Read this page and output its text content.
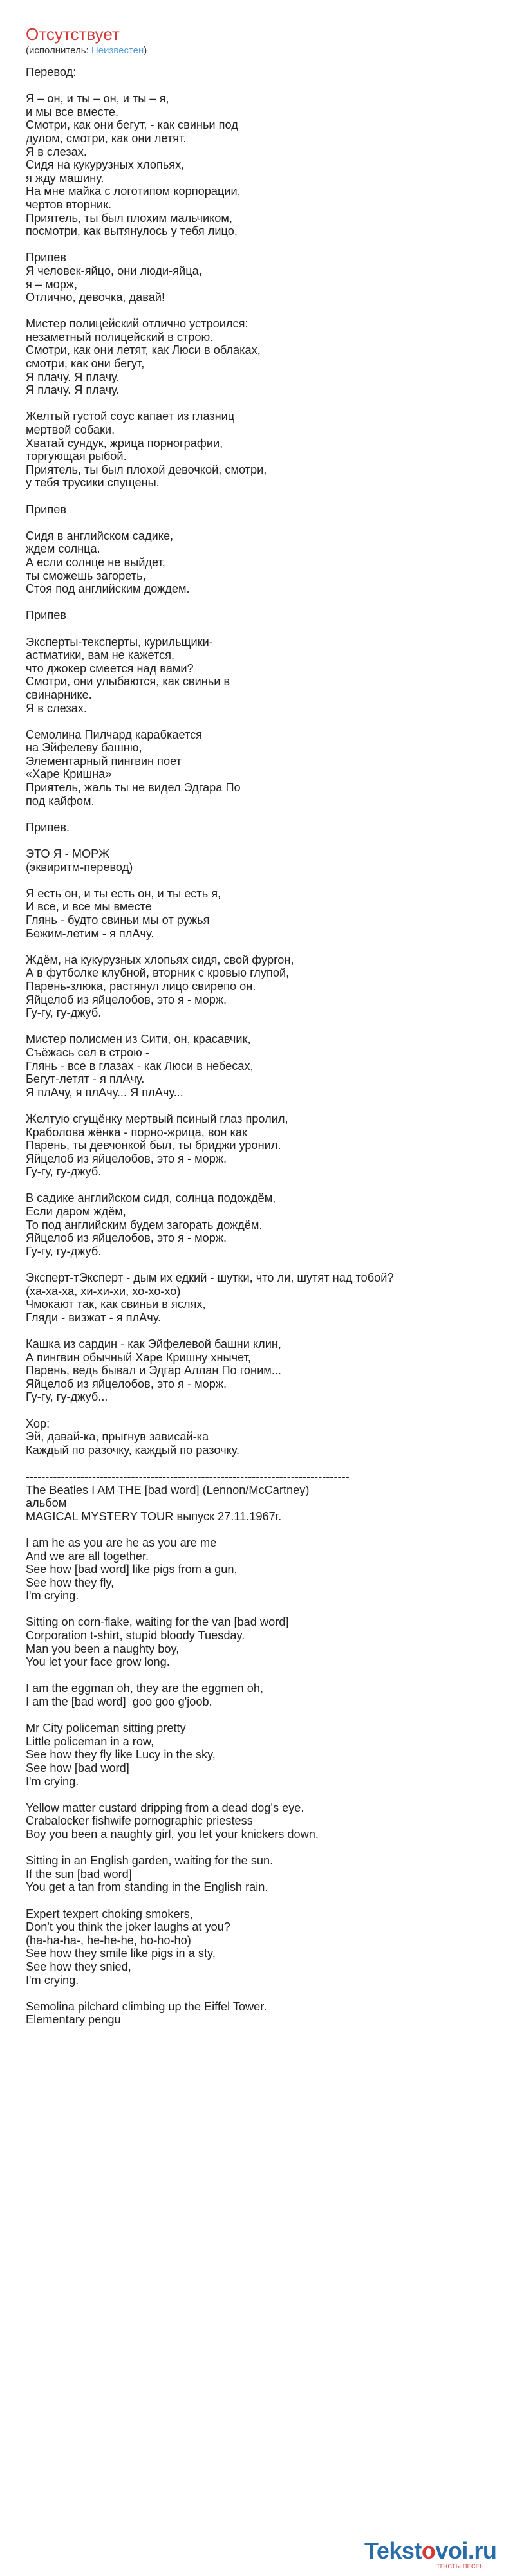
Отсутствует
(исполнитель: Неизвестен)
Перевод:
Я – он, и ты – он, и ты – я,
и мы все вместе.
Смотри, как они бегут, - как свиньи под
дулом, смотри, как они летят.
Я в слезах.
Сидя на кукурузных хлопьях,
я жду машину.
На мне майка с логотипом корпорации,
чертов вторник.
Приятель, ты был плохим мальчиком,
посмотри, как вытянулось у тебя лицо.
Припев
Я человек-яйцо, они люди-яйца,
я – морж,
Отлично, девочка, давай!
Мистер полицейский отлично устроился:
незаметный полицейский в строю.
Смотри, как они летят, как Люси в облаках,
смотри, как они бегут,
Я плачу. Я плачу.
Я плачу. Я плачу.
Желтый густой соус капает из глазниц
мертвой собаки.
Хватай сундук, жрица порнографии,
торгующая рыбой.
Приятель, ты был плохой девочкой, смотри,
у тебя трусики спущены.
Припев
Сидя в английском садике,
ждем солнца.
А если солнце не выйдет,
ты сможешь загореть,
Стоя под английским дождем.
Припев
Эксперты-тексперты, курильщики-
астматики, вам не кажется,
что джокер смеется над вами?
Смотри, они улыбаются, как свиньи в
свинарнике.
Я в слезах.
Семолина Пилчард карабкается
на Эйфелеву башню,
Элементарный пингвин поет
«Харе Кришна»
Приятель, жаль ты не видел Эдгара По
под кайфом.
Припев.
ЭТО Я - МОРЖ
(эквиритм-перевод)
Я есть он, и ты есть он, и ты есть я,
И все, и все мы вместе
Глянь - будто свиньи мы от ружья
Бежим-летим - я плАчу.
Ждём, на кукурузных хлопьях сидя, свой фургон,
А в футболке клубной, вторник с кровью глупой,
Парень-злюка, растянул лицо свирепо он.
Яйцелоб из яйцелобов, это я - морж.
Гу-гу, гу-джуб.
Мистер полисмен из Сити, он, красавчик,
Съёжась сел в строю -
Глянь - все в глазах - как Люси в небесах,
Бегут-летят - я плАчу.
Я плАчу, я плАчу... Я плАчу...
Желтую сгущёнку мертвый псиный глаз пролил,
Краболова жёнка - порно-жрица, вон как
Парень, ты девчонкой был, ты бриджи уронил.
Яйцелоб из яйцелобов, это я - морж.
Гу-гу, гу-джуб.
В садике английском сидя, солнца подождём,
Если даром ждём,
То под английским будем загорать дождём.
Яйцелоб из яйцелобов, это я - морж.
Гу-гу, гу-джуб.
Эксперт-тЭксперт - дым их едкий - шутки, что ли, шутят над тобой?
(ха-ха-ха, хи-хи-хи, хо-хо-хо)
Чмокают так, как свиньи в яслях,
Гляди - визжат - я плАчу.
Кашка из сардин - как Эйфелевой башни клин,
А пингвин обычный Харе Кришну хнычет,
Парень, ведь бывал и Эдгар Аллан По гоним...
Яйцелоб из яйцелобов, это я - морж.
Гу-гу, гу-джуб...
Хор:
Эй, давай-ка, прыгнув зависай-ка
Каждый по разочку, каждый по разочку.
-----------------------------------------------------------------------------------
The Beatles I AM THE [bad word] (Lennon/McCartney)
альбом
MAGICAL MYSTERY TOUR выпуск 27.11.1967г.
I am he as you are he as you are me
And we are all together.
See how [bad word] like pigs from a gun,
See how they fly,
I'm crying.
Sitting on corn-flake, waiting for the van [bad word]
Corporation t-shirt, stupid bloody Tuesday.
Man you been a naughty boy,
You let your face grow long.
I am the eggman oh, they are the eggmen oh,
I am the [bad word]  goo goo g'joob.
Mr City policeman sitting pretty
Little policeman in a row,
See how they fly like Lucy in the sky,
See how [bad word]
I'm crying.
Yellow matter custard dripping from a dead dog's eye.
Crabalocker fishwife pornographic priestess
Boy you been a naughty girl, you let your knickers down.
Sitting in an English garden, waiting for the sun.
If the sun [bad word]
You get a tan from standing in the English rain.
Expert texpert choking smokers,
Don't you think the joker laughs at you?
(ha-ha-ha-, he-he-he, ho-ho-ho)
See how they smile like pigs in a sty,
See how they snied,
I'm crying.
Semolina pilchard climbing up the Eiffel Tower.
Elementary pengu
Tekstovoi.ru
ТЕКСТЫ ПЕСЕН
